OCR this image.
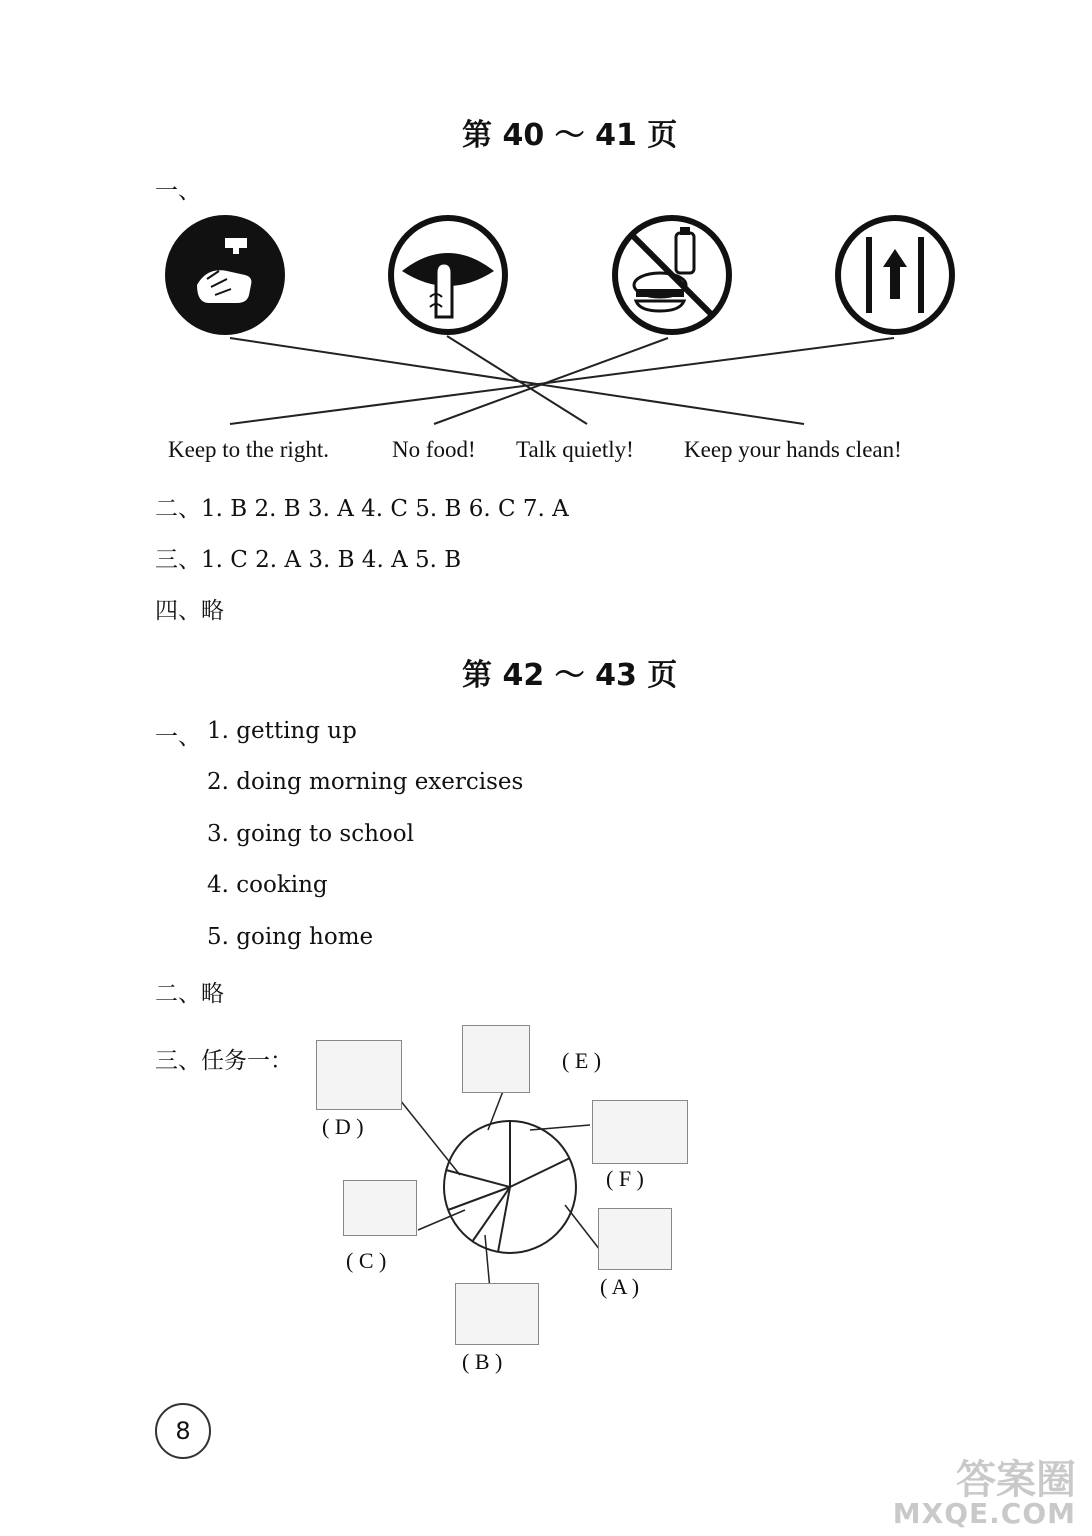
第 40 ～ 41 页
一、
Keep to the right.	No food! Talk quietly! Keep your hands clean!
二、1. B 2. B 3. A 4. C 5. B 6. C 7. A
三、1. C 2. A 3. B 4. A 5. B
四、略
第 42 ～ 43 页
一、 1. getting up
2. doing morning exercises
3. going to school
4. cooking
5. going home
二、略
三、任务一：
( D )
( E )
( F )
( C )
( A )
( B )
8
答案圈
MXQE.COM
